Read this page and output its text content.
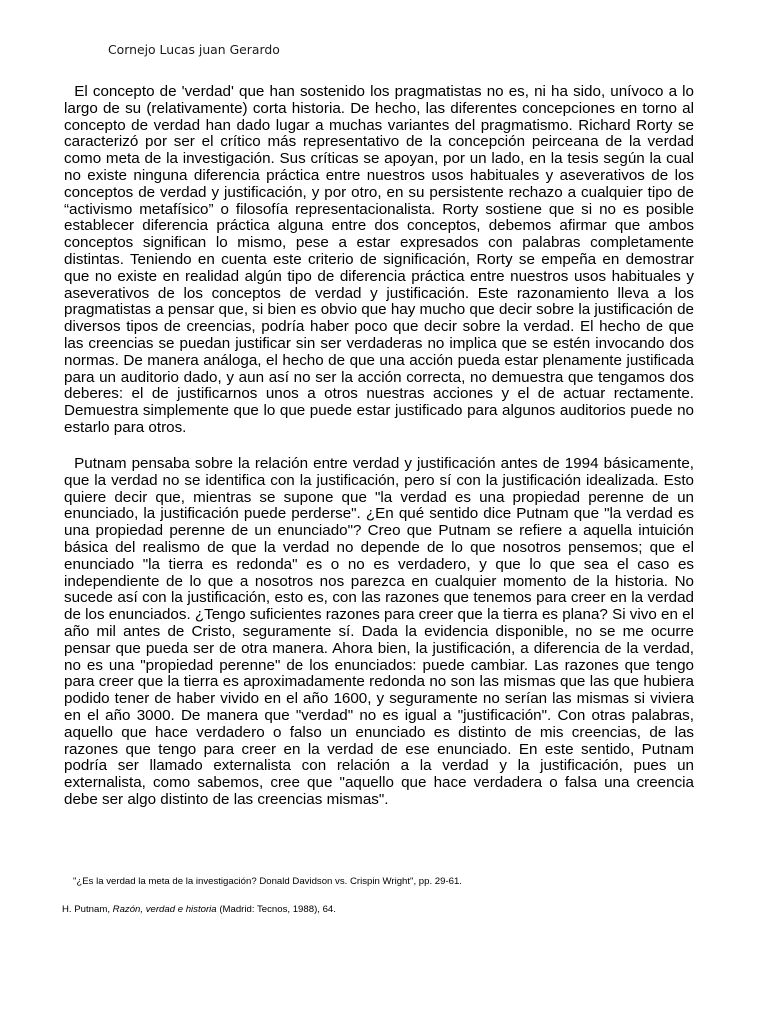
Cornejo Lucas juan Gerardo

El concepto de 'verdad' que han sostenido los pragmatistas no es, ni ha sido, unívoco a lo largo de su (relativamente) corta historia. De hecho, las diferentes concepciones en torno al concepto de verdad han dado lugar a muchas variantes del pragmatismo. Richard Rorty se caracterizó por ser el crítico más representativo de la concepción peirceana de la verdad como meta de la investigación. Sus críticas se apoyan, por un lado, en la tesis según la cual no existe ninguna diferencia práctica entre nuestros usos habituales y aseverativos de los conceptos de verdad y justificación, y por otro, en su persistente rechazo a cualquier tipo de “activismo metafísico” o filosofía representacionalista. Rorty sostiene que si no es posible establecer diferencia práctica alguna entre dos conceptos, debemos afirmar que ambos conceptos significan lo mismo, pese a estar expresados con palabras completamente distintas. Teniendo en cuenta este criterio de significación, Rorty se empeña en demostrar que no existe en realidad algún tipo de diferencia práctica entre nuestros usos habituales y aseverativos de los conceptos de verdad y justificación. Este razonamiento lleva a los pragmatistas a pensar que, si bien es obvio que hay mucho que decir sobre la justificación de diversos tipos de creencias, podría haber poco que decir sobre la verdad. El hecho de que las creencias se puedan justificar sin ser verdaderas no implica que se estén invocando dos normas. De manera análoga, el hecho de que una acción pueda estar plenamente justificada para un auditorio dado, y aun así no ser la acción correcta, no demuestra que tengamos dos deberes: el de justificarnos unos a otros nuestras acciones y el de actuar rectamente. Demuestra simplemente que lo que puede estar justificado para algunos auditorios puede no estarlo para otros.

Putnam pensaba sobre la relación entre verdad y justificación antes de 1994 básicamente, que la verdad no se identifica con la justificación, pero sí con la justificación idealizada. Esto quiere decir que, mientras se supone que "la verdad es una propiedad perenne de un enunciado, la justificación puede perderse". ¿En qué sentido dice Putnam que "la verdad es una propiedad perenne de un enunciado"? Creo que Putnam se refiere a aquella intuición básica del realismo de que la verdad no depende de lo que nosotros pensemos; que el enunciado "la tierra es redonda" es o no es verdadero, y que lo que sea el caso es independiente de lo que a nosotros nos parezca en cualquier momento de la historia. No sucede así con la justificación, esto es, con las razones que tenemos para creer en la verdad de los enunciados. ¿Tengo suficientes razones para creer que la tierra es plana? Si vivo en el año mil antes de Cristo, seguramente sí. Dada la evidencia disponible, no se me ocurre pensar que pueda ser de otra manera. Ahora bien, la justificación, a diferencia de la verdad, no es una "propiedad perenne" de los enunciados: puede cambiar. Las razones que tengo para creer que la tierra es aproximadamente redonda no son las mismas que las que hubiera podido tener de haber vivido en el año 1600, y seguramente no serían las mismas si viviera en el año 3000. De manera que "verdad" no es igual a "justificación". Con otras palabras, aquello que hace verdadero o falso un enunciado es distinto de mis creencias, de las razones que tengo para creer en la verdad de ese enunciado. En este sentido, Putnam podría ser llamado externalista con relación a la verdad y la justificación, pues un externalista, como sabemos, cree que "aquello que hace verdadera o falsa una creencia debe ser algo distinto de las creencias mismas".

"¿Es la verdad la meta de la investigación? Donald Davidson vs. Crispin Wright", pp. 29-61.

H. Putnam, Razón, verdad e historia (Madrid: Tecnos, 1988), 64.
